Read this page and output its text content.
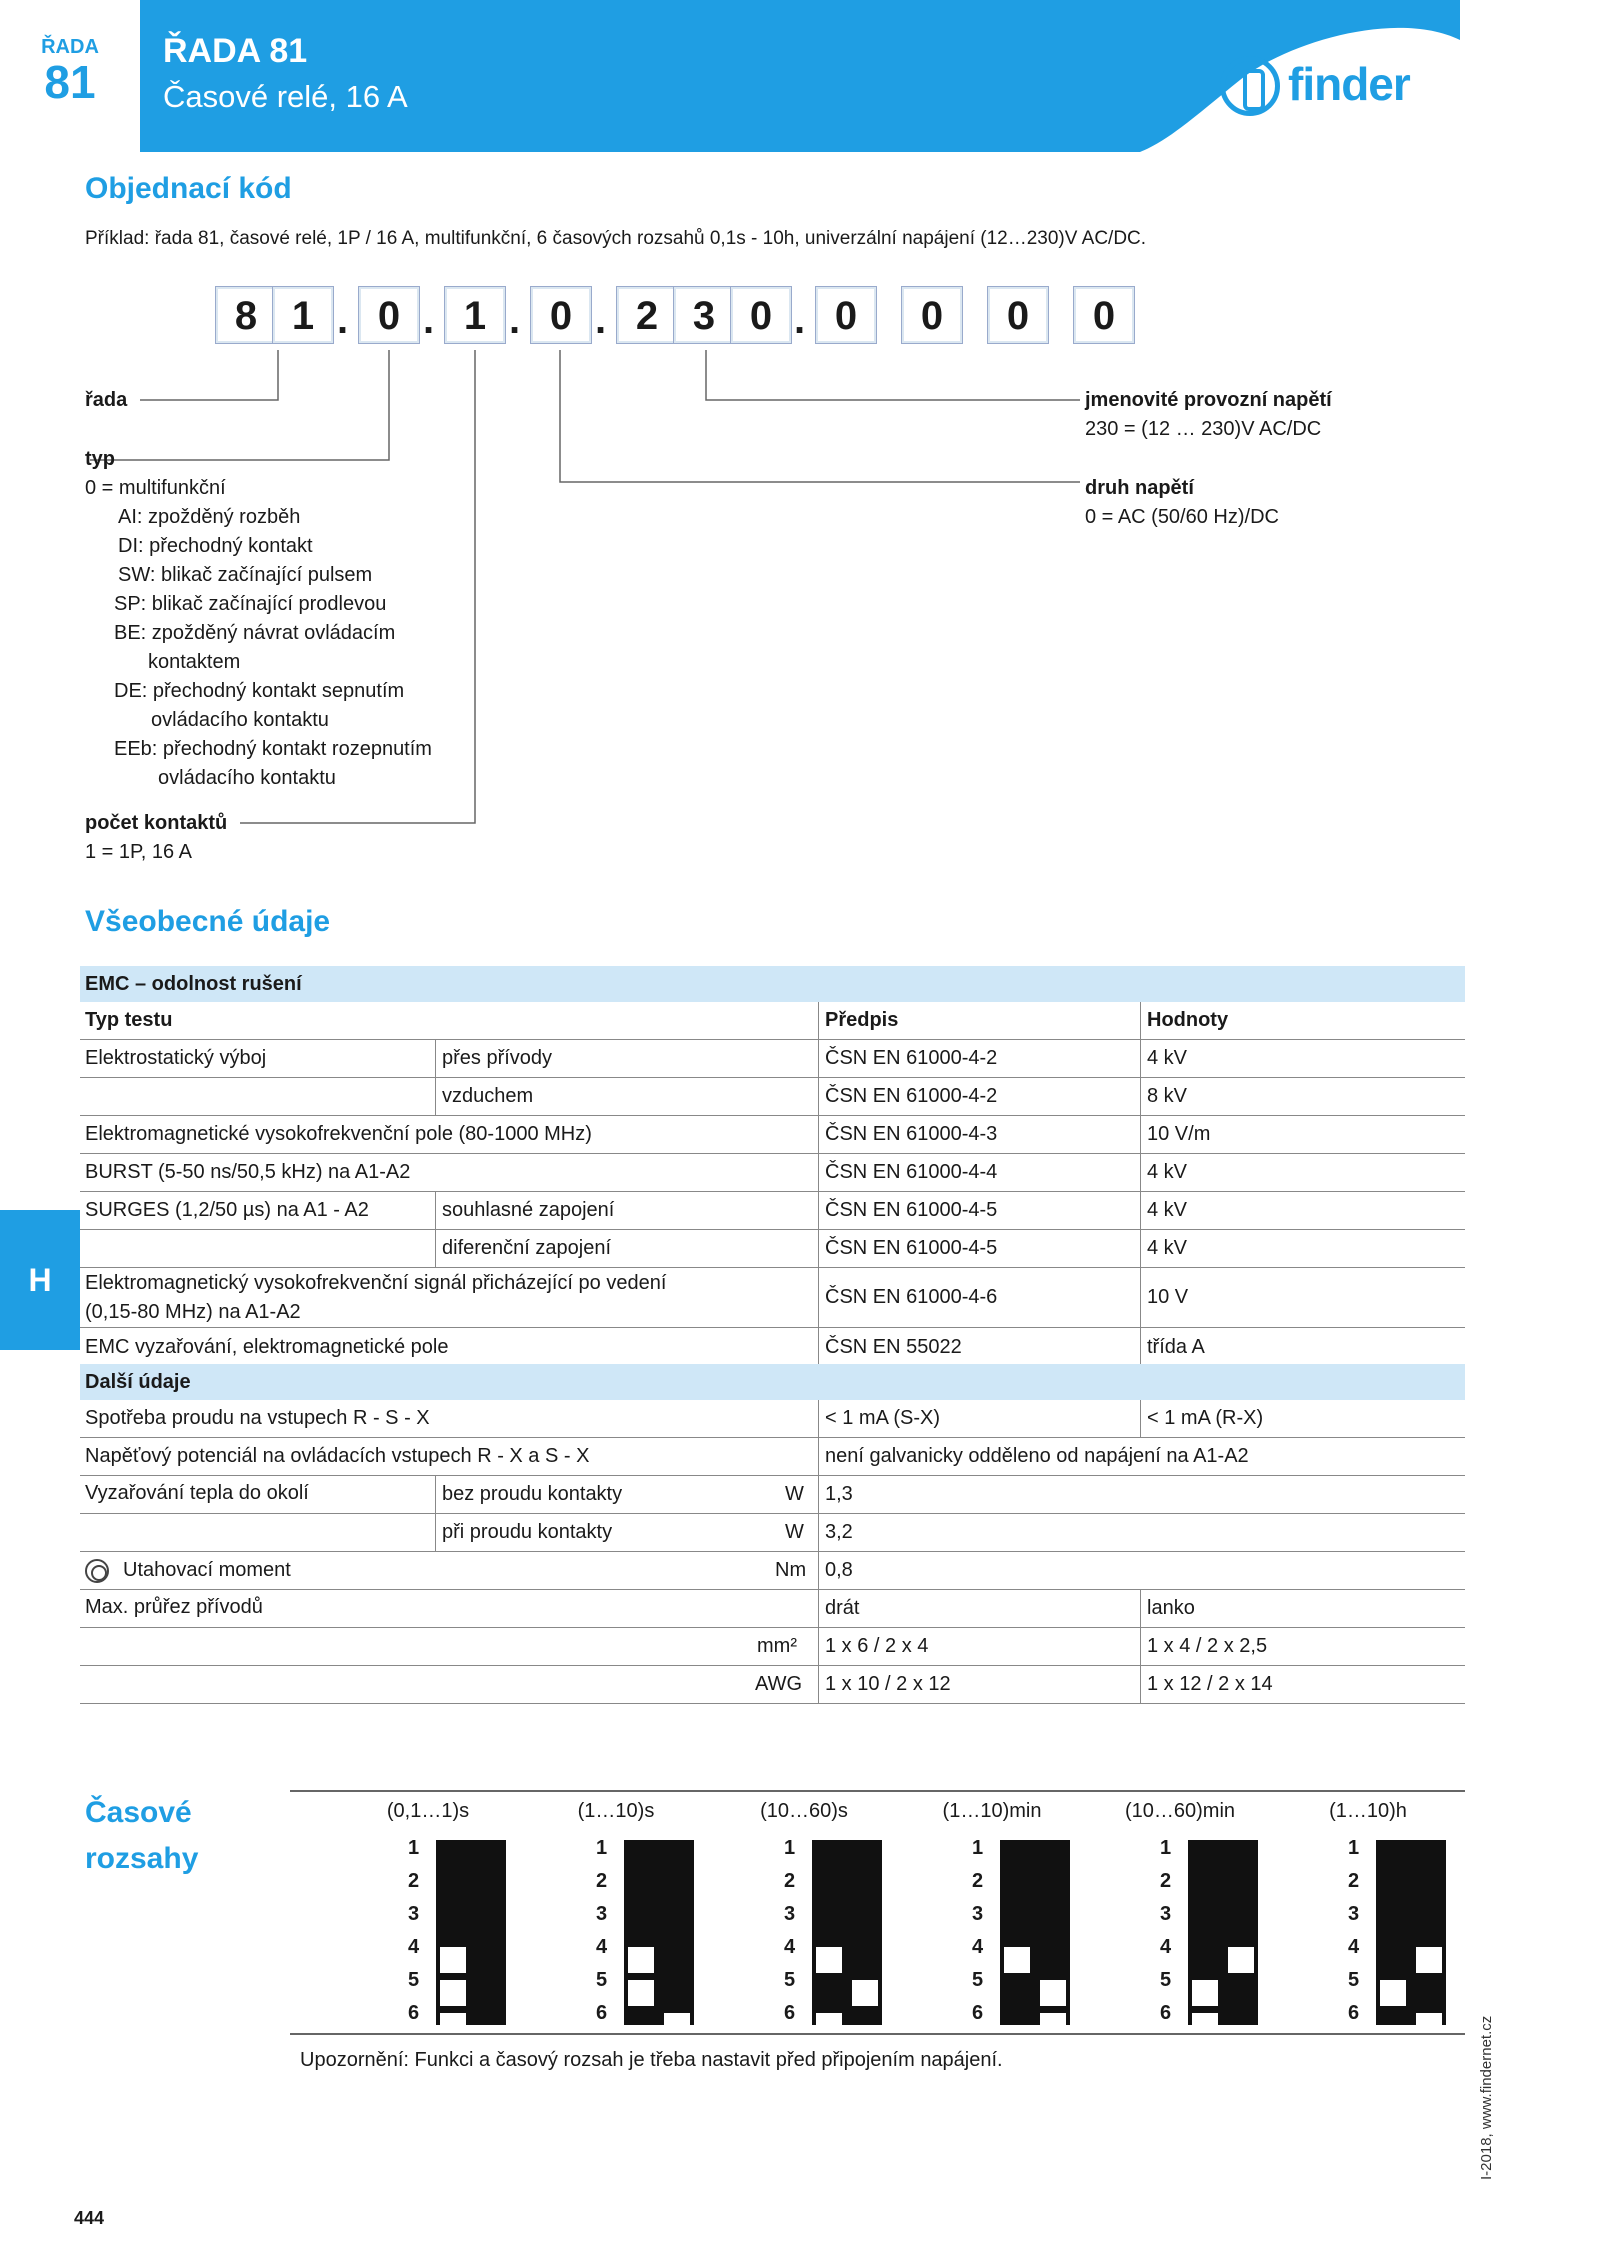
ŘADA
81
ŘADA 81
Časové relé, 16 A	finder
Objednací kód
Příklad: řada 81, časové relé, 1P / 16 A, multifunkční, 6 časových rozsahů 0,1s - 10h, univerzální napájení (12…230)V AC/DC.
8 1	0	1	0	2 3 0	0	0	0	0
. . . .	.
řada
typ
0 = multifunkční
AI: zpožděný rozběh
DI: přechodný kontakt
SW: blikač začínající pulsem
SP: blikač začínající prodlevou
BE: zpožděný návrat ovládacím
kontaktem
DE: přechodný kontakt sepnutím
ovládacího kontaktu
EEb: přechodný kontakt rozepnutím
ovládacího kontaktu
počet kontaktů
1 = 1P, 16 A
jmenovité provozní napětí
230 = (12 … 230)V AC/DC
druh napětí
0 = AC (50/60 Hz)/DC
Všeobecné údaje
EMC – odolnost rušení
Typ testu	Předpis	Hodnoty
Elektrostatický výboj	přes přívody	ČSN EN 61000-4-2	4 kV
vzduchem	ČSN EN 61000-4-2	8 kV
Elektromagnetické vysokofrekvenční pole (80-1000 MHz)	ČSN EN 61000-4-3	10 V/m
BURST (5-50 ns/50,5 kHz) na A1-A2	ČSN EN 61000-4-4	4 kV
SURGES (1,2/50 µs) na A1 - A2	souhlasné zapojení	ČSN EN 61000-4-5	4 kV
diferenční zapojení	ČSN EN 61000-4-5	4 kV
Elektromagnetický vysokofrekvenční signál přicházející po vedení
(0,15-80 MHz) na A1-A2
ČSN EN 61000-4-6	10 V
EMC vyzařování, elektromagnetické pole	ČSN EN 55022	třída A
Další údaje
Spotřeba proudu na vstupech R - S - X	< 1 mA (S-X)	< 1 mA (R-X)
Napěťový potenciál na ovládacích vstupech R - X a S - X	není galvanicky odděleno od napájení na A1-A2
Vyzařování tepla do okolí	bez proudu kontakty	W 1,3
při proudu kontakty	W 3,2
Utahovací moment	Nm 0,8
Max. průřez přívodů	drát	lanko
mm² 1 x 6 / 2 x 4	1 x 4 / 2 x 2,5
AWG 1 x 10 / 2 x 12	1 x 12 / 2 x 14
H
Časové
rozsahy
(0,1…1)s
1
2
3
4
5
6
(1…10)s
1
2
3
4
5
6
(10…60)s
1
2
3
4
5
6
(1…10)min
1
2
3
4
5
6
(10…60)min
1
2
3
4
5
6
(1…10)h
1
2
3
4
5
6
Upozornění: Funkci a časový rozsah je třeba nastavit před připojením napájení.
444
I-2018, www.findernet.cz
